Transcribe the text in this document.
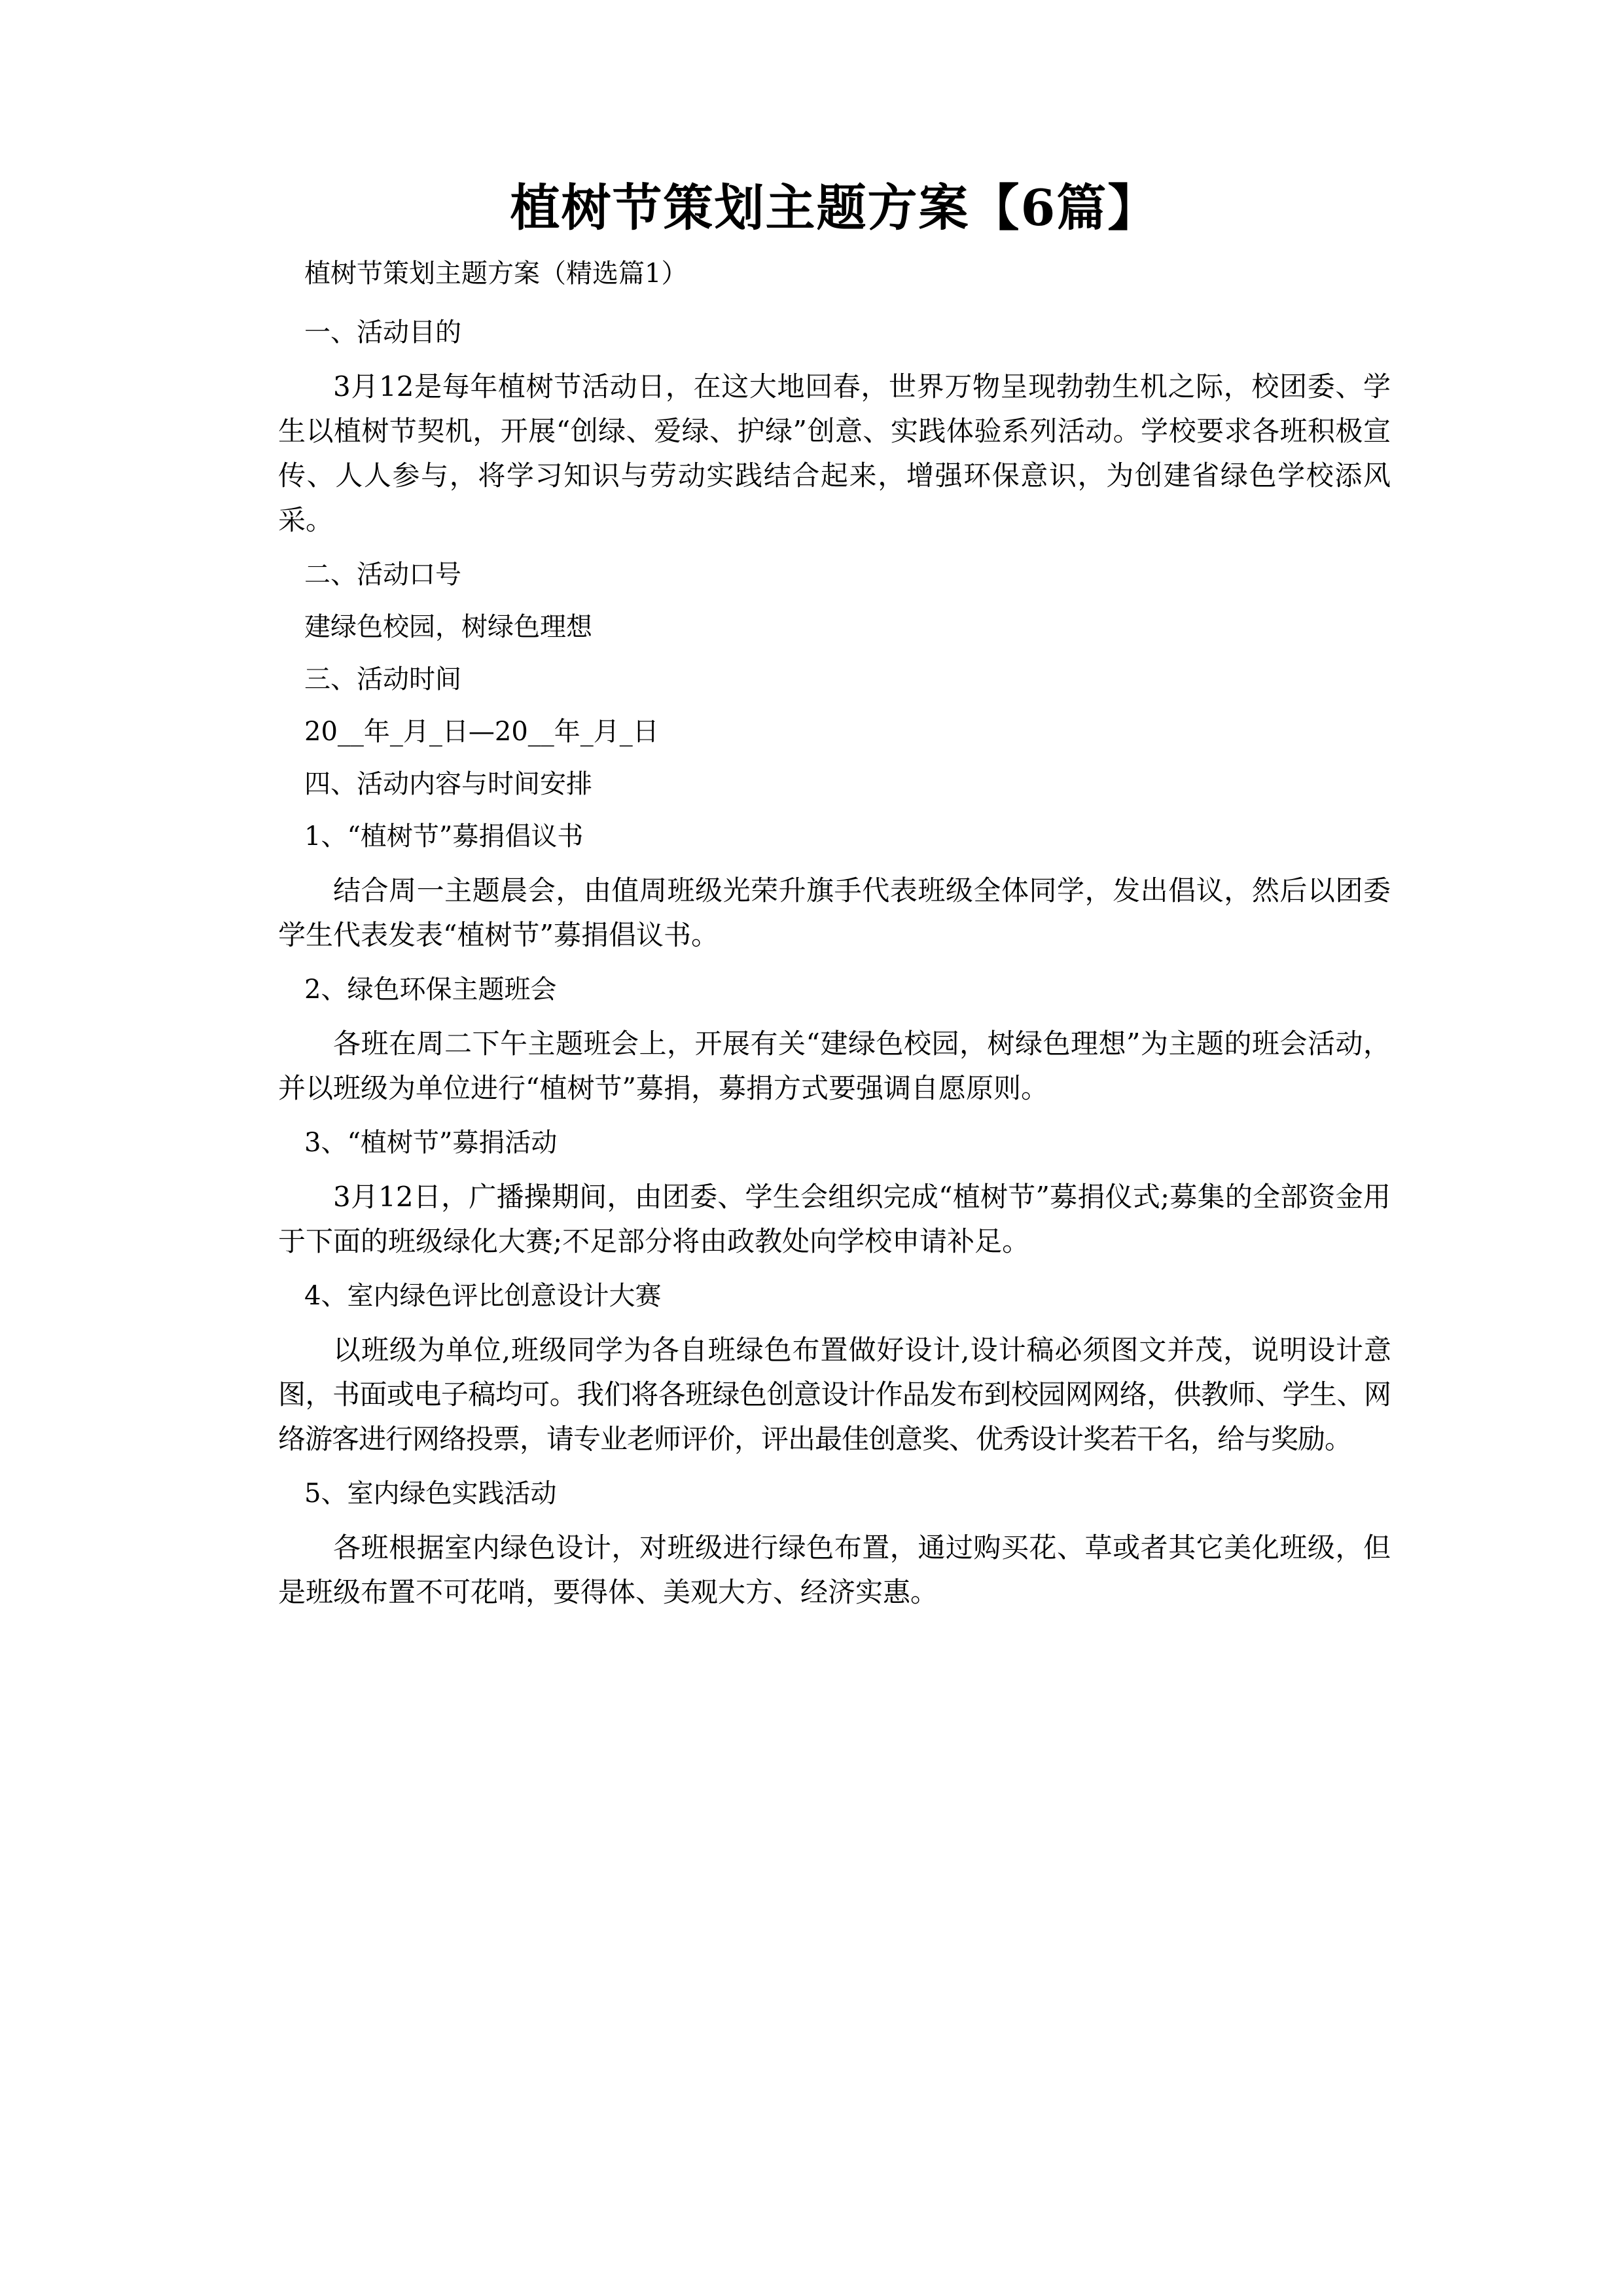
植树节策划主题方案【6篇】
植树节策划主题方案（精选篇1）
一、活动目的

3月12是每年植树节活动日，在这大地回春，世界万物呈现勃勃生机之际，校团委、学生以植树节契机，开展“创绿、爱绿、护绿”创意、实践体验系列活动。学校要求各班积极宣传、人人参与，将学习知识与劳动实践结合起来，增强环保意识，为创建省绿色学校添风采。

二、活动口号
建绿色校园，树绿色理想
三、活动时间
20__年_月_日—20__年_月_日
四、活动内容与时间安排
1、“植树节”募捐倡议书

结合周一主题晨会，由值周班级光荣升旗手代表班级全体同学，发出倡议，然后以团委学生代表发表“植树节”募捐倡议书。

2、绿色环保主题班会

各班在周二下午主题班会上，开展有关“建绿色校园，树绿色理想”为主题的班会活动，并以班级为单位进行“植树节”募捐，募捐方式要强调自愿原则。

3、“植树节”募捐活动

3月12日，广播操期间，由团委、学生会组织完成“植树节”募捐仪式;募集的全部资金用于下面的班级绿化大赛;不足部分将由政教处向学校申请补足。

4、室内绿色评比创意设计大赛

以班级为单位,班级同学为各自班绿色布置做好设计,设计稿必须图文并茂，说明设计意图，书面或电子稿均可。我们将各班绿色创意设计作品发布到校园网网络，供教师、学生、网络游客进行网络投票，请专业老师评价，评出最佳创意奖、优秀设计奖若干名，给与奖励。

5、室内绿色实践活动

各班根据室内绿色设计，对班级进行绿色布置，通过购买花、草或者其它美化班级，但是班级布置不可花哨，要得体、美观大方、经济实惠。
